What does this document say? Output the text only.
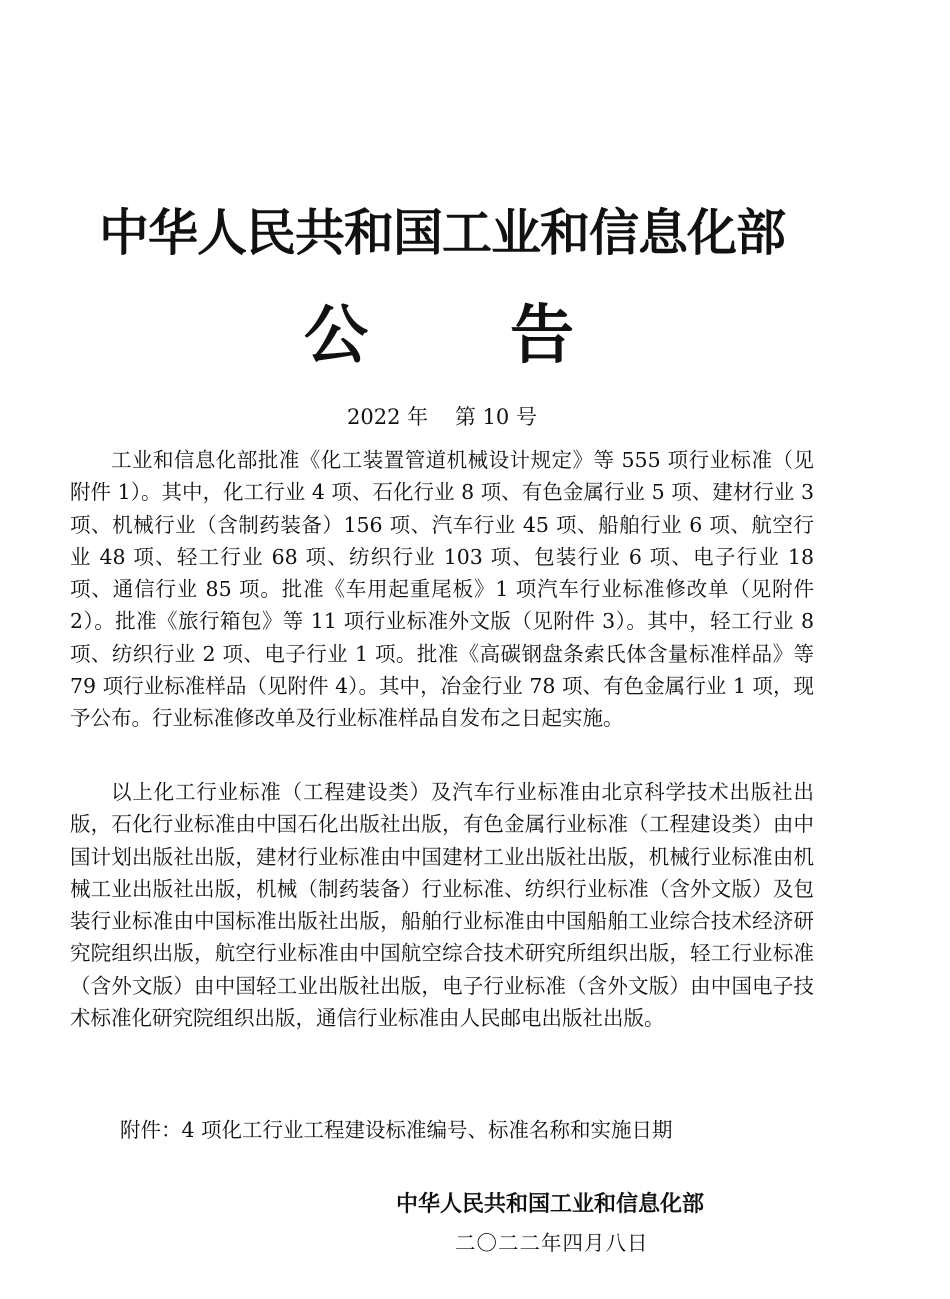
中华人民共和国工业和信息化部
公 告
2022 年    第 10 号

工业和信息化部批准《化工装置管道机械设计规定》等 555 项行业标准（见附件 1）。其中，化工行业 4 项、石化行业 8 项、有色金属行业 5 项、建材行业 3 项、机械行业（含制药装备）156 项、汽车行业 45 项、船舶行业 6 项、航空行业 48 项、轻工行业 68 项、纺织行业 103 项、包装行业 6 项、电子行业 18 项、通信行业 85 项。批准《车用起重尾板》1 项汽车行业标准修改单（见附件 2）。批准《旅行箱包》等 11 项行业标准外文版（见附件 3）。其中，轻工行业 8 项、纺织行业 2 项、电子行业 1 项。批准《高碳钢盘条索氏体含量标准样品》等 79 项行业标准样品（见附件 4）。其中，冶金行业 78 项、有色金属行业 1 项，现予公布。行业标准修改单及行业标准样品自发布之日起实施。

以上化工行业标准（工程建设类）及汽车行业标准由北京科学技术出版社出版，石化行业标准由中国石化出版社出版，有色金属行业标准（工程建设类）由中国计划出版社出版，建材行业标准由中国建材工业出版社出版，机械行业标准由机械工业出版社出版，机械（制药装备）行业标准、纺织行业标准（含外文版）及包装行业标准由中国标准出版社出版，船舶行业标准由中国船舶工业综合技术经济研究院组织出版，航空行业标准由中国航空综合技术研究所组织出版，轻工行业标准（含外文版）由中国轻工业出版社出版，电子行业标准（含外文版）由中国电子技术标准化研究院组织出版，通信行业标准由人民邮电出版社出版。

附件：4 项化工行业工程建设标准编号、标准名称和实施日期
中华人民共和国工业和信息化部
二〇二二年四月八日
